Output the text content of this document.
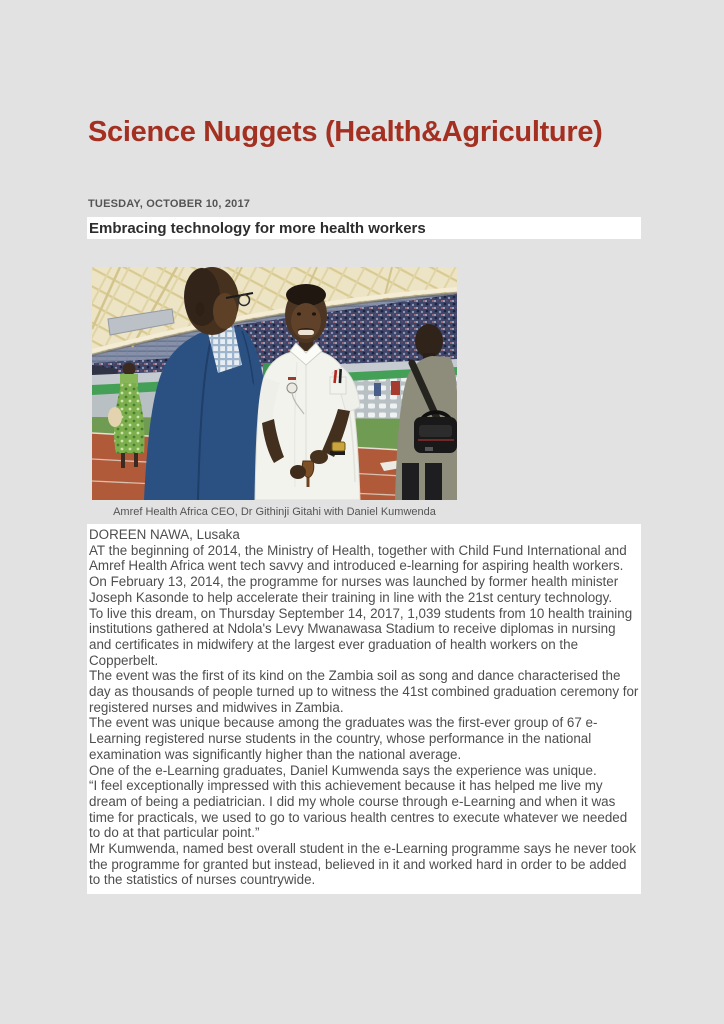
Science Nuggets (Health&Agriculture)
TUESDAY, OCTOBER 10, 2017
Embracing technology for more health workers
Amref Health Africa CEO, Dr Githinji Gitahi with Daniel Kumwenda
DOREEN NAWA, Lusaka
AT the beginning of 2014, the Ministry of Health, together with Child Fund International and Amref Health Africa went tech savvy and introduced e-learning for aspiring health workers.
On February 13, 2014, the programme for nurses was launched by former health minister Joseph Kasonde to help accelerate their training in line with the 21st century technology.
To live this dream, on Thursday September 14, 2017, 1,039 students from 10 health training institutions gathered at Ndola's Levy Mwanawasa Stadium to receive diplomas in nursing and certificates in midwifery at the largest ever graduation of health workers on the Copperbelt.
The event was the first of its kind on the Zambia soil as song and dance characterised the day as thousands of people turned up to witness the 41st combined graduation ceremony for registered nurses and midwives in Zambia.
The event was unique because among the graduates was the first-ever group of 67 e-Learning registered nurse students in the country, whose performance in the national examination was significantly higher than the national average.
One of the e-Learning graduates, Daniel Kumwenda says the experience was unique.
“I feel exceptionally impressed with this achievement because it has helped me live my dream of being a pediatrician. I did my whole course through e-Learning and when it was time for practicals, we used to go to various health centres to execute whatever we needed to do at that particular point.”
Mr Kumwenda, named best overall student in the e-Learning programme says he never took the programme for granted but instead, believed in it and worked hard in order to be added to the statistics of nurses countrywide.
